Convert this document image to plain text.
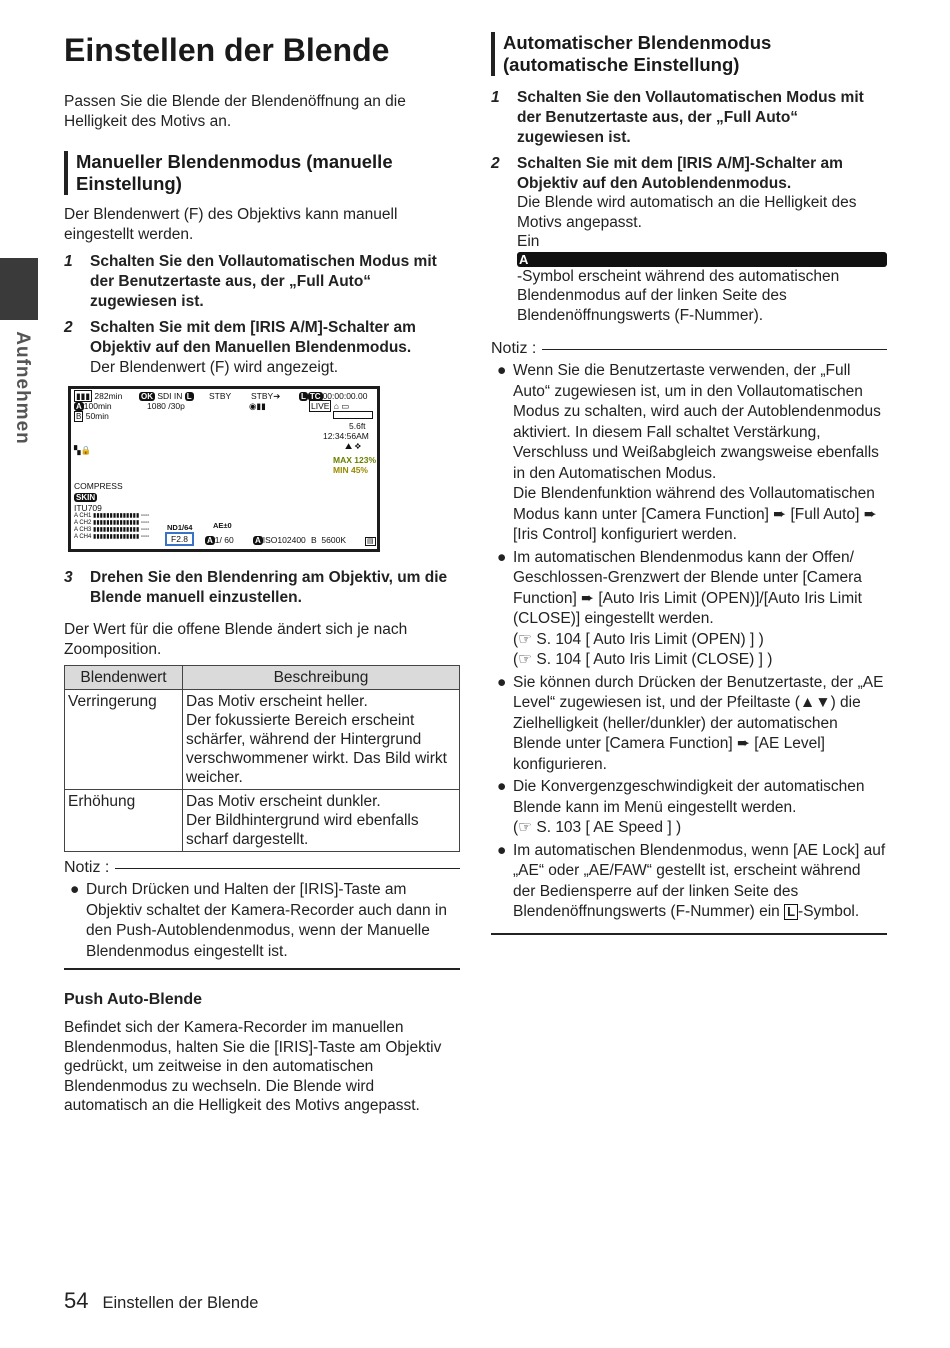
Aufnehmen
Einstellen der Blende

Passen Sie die Blende der Blendenöffnung an die Helligkeit des Motivs an.

Manueller Blendenmodus (manuelle Einstellung)

Der Blendenwert (F) des Objektivs kann manuell eingestellt werden.

1	Schalten Sie den Vollautomatischen Modus mit der Benutzertaste aus, der „Full Auto“ zugewiesen ist.
2	Schalten Sie mit dem [IRIS A/M]-Schalter am Objektiv auf den Manuellen Blendenmodus.
Der Blendenwert (F) wird angezeigt.
▮▮▮ 282min
A 100min
B 50min
OK SDI IN L
1080 /30p
STBY STBY➔
◉▮▮
L TC 00:00:00.00
LIVE ⌂ ▭
5.6ft
12:34:56AM
⛰ ❖
MAX 123%
MIN 45%
▚🔒
COMPRESS
SKIN
ITU709
A CH1 ▮▮▮▮▮▮▮▮▮▮▮▮▮▮ ▫▫▫▫
A CH2 ▮▮▮▮▮▮▮▮▮▮▮▮▮▮ ▫▫▫▫
A CH3 ▮▮▮▮▮▮▮▮▮▮▮▮▮▮ ▫▫▫▫
A CH4 ▮▮▮▮▮▮▮▮▮▮▮▮▮▮ ▫▫▫▫
ND1/64	AE±0
F2.8	A 1/ 60	A ISO102400 B 5600K	▤
3	Drehen Sie den Blendenring am Objektiv, um die Blende manuell einzustellen.

Der Wert für die offene Blende ändert sich je nach Zoomposition.

Blendenwert	Beschreibung
Verringerung	Das Motiv erscheint heller.
Der fokussierte Bereich erscheint schärfer, während der Hintergrund verschwommener wirkt. Das Bild wirkt weicher.
Erhöhung	Das Motiv erscheint dunkler.
Der Bildhintergrund wird ebenfalls scharf dargestellt.
Notiz :
● Durch Drücken und Halten der [IRIS]-Taste am Objektiv schaltet der Kamera-Recorder auch dann in den Push-Autoblendenmodus, wenn der Manuelle Blendenmodus eingestellt ist.
Push Auto-Blende

Befindet sich der Kamera-Recorder im manuellen Blendenmodus, halten Sie die [IRIS]-Taste am Objektiv gedrückt, um zeitweise in den automatischen Blendenmodus zu wechseln. Die Blende wird automatisch an die Helligkeit des Motivs angepasst.

Automatischer Blendenmodus (automatische Einstellung)
1	Schalten Sie den Vollautomatischen Modus mit der Benutzertaste aus, der „Full Auto“ zugewiesen ist.
2	Schalten Sie mit dem [IRIS A/M]-Schalter am Objektiv auf den Autoblendenmodus.
Die Blende wird automatisch an die Helligkeit des Motivs angepasst.
Ein
A
-Symbol erscheint während des automatischen Blendenmodus auf der linken Seite des Blendenöffnungswerts (F-Nummer).
Notiz :
● Wenn Sie die Benutzertaste verwenden, der „Full Auto“ zugewiesen ist, um in den Vollautomatischen Modus zu schalten, wird auch der Autoblendenmodus aktiviert. In diesem Fall schaltet Verstärkung, Verschluss und Weißabgleich zwangsweise ebenfalls in den Automatischen Modus.
Die Blendenfunktion während des Vollautomatischen Modus kann unter [Camera Function] ➨ [Full Auto] ➨ [Iris Control] konfiguriert werden.
● Im automatischen Blendenmodus kann der Offen/ Geschlossen-Grenzwert der Blende unter [Camera Function] ➨ [Auto Iris Limit (OPEN)]/[Auto Iris Limit (CLOSE)] eingestellt werden.
(☞ S. 104 [ Auto Iris Limit (OPEN) ] )
(☞ S. 104 [ Auto Iris Limit (CLOSE) ] )
● Sie können durch Drücken der Benutzertaste, der „AE Level“ zugewiesen ist, und der Pfeiltaste (▲▼) die Zielhelligkeit (heller/dunkler) der automatischen Blende unter [Camera Function] ➨ [AE Level] konfigurieren.
● Die Konvergenzgeschwindigkeit der automatischen Blende kann im Menü eingestellt werden.
(☞ S. 103 [ AE Speed ] )
● Im automatischen Blendenmodus, wenn [AE Lock] auf „AE“ oder „AE/FAW“ gestellt ist, erscheint während der Bediensperre auf der linken Seite des Blendenöffnungswerts (F-Nummer) ein L -Symbol.
54 Einstellen der Blende
